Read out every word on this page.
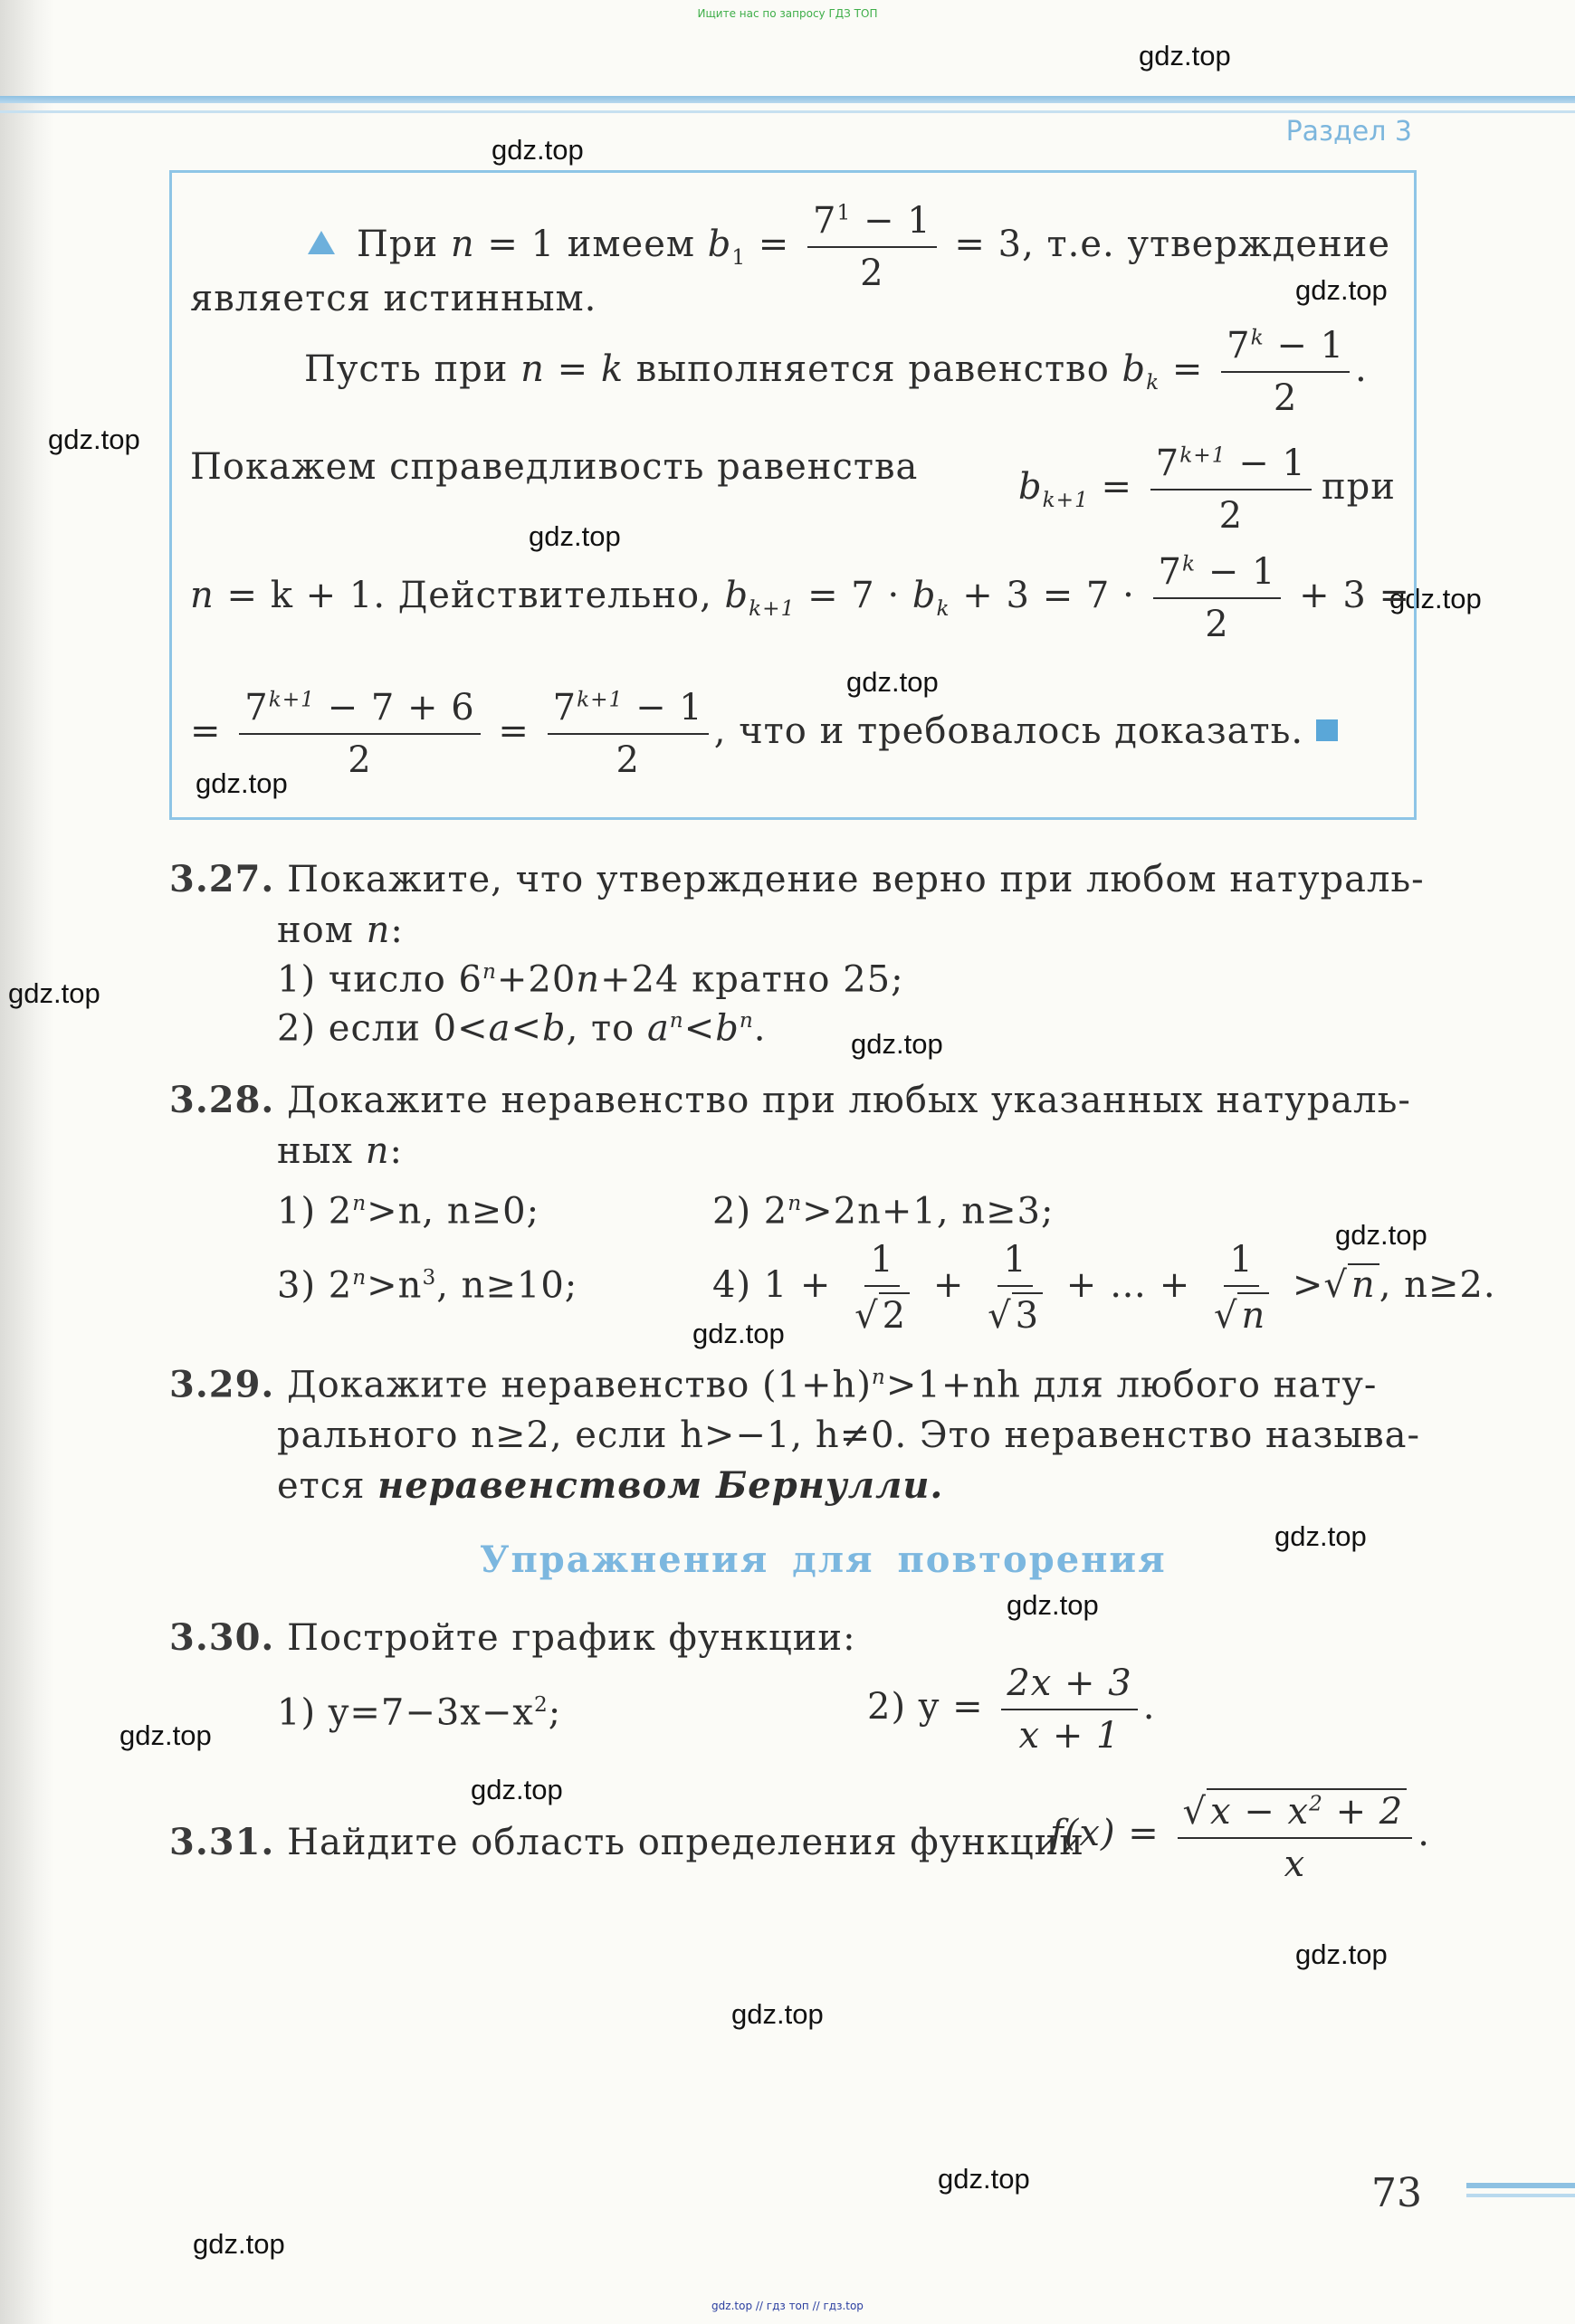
Ищите нас по запросу ГДЗ ТОП
Раздел 3
gdz.top
gdz.top
gdz.top
gdz.top
gdz.top
gdz.top
gdz.top
gdz.top
gdz.top
gdz.top
gdz.top
gdz.top
gdz.top
gdz.top
gdz.top
gdz.top
gdz.top
gdz.top
gdz.top
gdz.top
При n = 1 имеем $b_1 = \frac{7^1 - 1}{2} = 3$, т.е. утверждение
является истинным.
Пусть при n = k выполняется равенство $b_k = \frac{7^k - 1}{2}$ .
Покажем справедливость равенства	$b_{k+1} = \frac{7^{k+1} - 1}{2}$ при
n = k + 1. Действительно, $b_{k+1} = 7 \cdot b_k + 3 = 7 \cdot \frac{7^k - 1}{2} + 3$ =
= $\frac{7^{k+1} - 7 + 6}{2} = \frac{7^{k+1} - 1}{2}$ , что и требовалось доказать.
3.27. Покажите, что утверждение верно при любом натураль-
ном n:
1) число $6^n+20n+24$ кратно 25;
2) если 0<a<b, то $a^n<b^n$.
3.28. Докажите неравенство при любых указанных натураль-
ных n:
1) $2^n>n$, n≥0;	2) $2^n>2n+1$, n≥3;
3) $2^n>n^3$, n≥10;	4) $1 + \frac{1}{√ 2} + \frac{1}{√ 3}$ + … + $\frac{1}{√ n}$ >√ n , n≥2.
3.29. Докажите неравенство $(1+h)^n>1+nh$ для любого нату-
рального n≥2, если h>−1, h≠0. Это неравенство называ-
ется неравенством Бернулли.
Упражнения для повторения
3.30. Постройте график функции:
1) $y=7-3x-x^2$;	2) $y = \frac{2x + 3}{x + 1}$ .
3.31. Найдите область определения функции
$f(x) = \frac{√ x - x^2 + 2}{x}$ .
73
gdz.top // гдз топ // гдз.top
